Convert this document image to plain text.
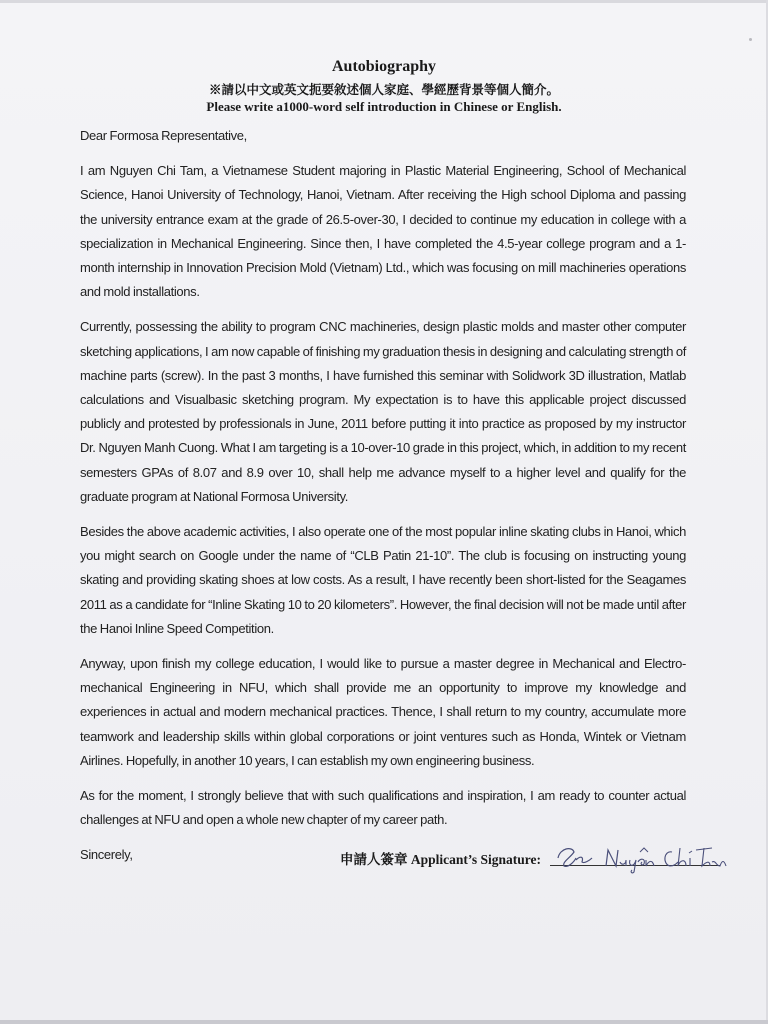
Autobiography
※請以中文或英文扼要敘述個人家庭、學經歷背景等個人簡介。
Please write a1000-word self introduction in Chinese or English.

Dear Formosa Representative,

I am Nguyen Chi Tam, a Vietnamese Student majoring in Plastic Material Engineering, School of Mechanical Science, Hanoi University of Technology, Hanoi, Vietnam. After receiving the High school Diploma and passing the university entrance exam at the grade of 26.5-over-30, I decided to continue my education in college with a specialization in Mechanical Engineering. Since then, I have completed the 4.5-year college program and a 1-month internship in Innovation Precision Mold (Vietnam) Ltd., which was focusing on mill machineries operations and mold installations.

Currently, possessing the ability to program CNC machineries, design plastic molds and master other computer sketching applications, I am now capable of finishing my graduation thesis in designing and calculating strength of machine parts (screw). In the past 3 months, I have furnished this seminar with Solidwork 3D illustration, Matlab calculations and Visualbasic sketching program. My expectation is to have this applicable project discussed publicly and protested by professionals in June, 2011 before putting it into practice as proposed by my instructor Dr. Nguyen Manh Cuong. What I am targeting is a 10-over-10 grade in this project, which, in addition to my recent semesters GPAs of 8.07 and 8.9 over 10, shall help me advance myself to a higher level and qualify for the graduate program at National Formosa University.

Besides the above academic activities, I also operate one of the most popular inline skating clubs in Hanoi, which you might search on Google under the name of “CLB Patin 21-10”. The club is focusing on instructing young skating and providing skating shoes at low costs. As a result, I have recently been short-listed for the Seagames 2011 as a candidate for “Inline Skating 10 to 20 kilometers”. However, the final decision will not be made until after the Hanoi Inline Speed Competition.

Anyway, upon finish my college education, I would like to pursue a master degree in Mechanical and Electro-mechanical Engineering in NFU, which shall provide me an opportunity to improve my knowledge and experiences in actual and modern mechanical practices. Thence, I shall return to my country, accumulate more teamwork and leadership skills within global corporations or joint ventures such as Honda, Wintek or Vietnam Airlines. Hopefully, in another 10 years, I can establish my own engineering business.

As for the moment, I strongly believe that with such qualifications and inspiration, I am ready to counter actual challenges at NFU and open a whole new chapter of my career path.

Sincerely,	申請人簽章 Applicant’s Signature:
